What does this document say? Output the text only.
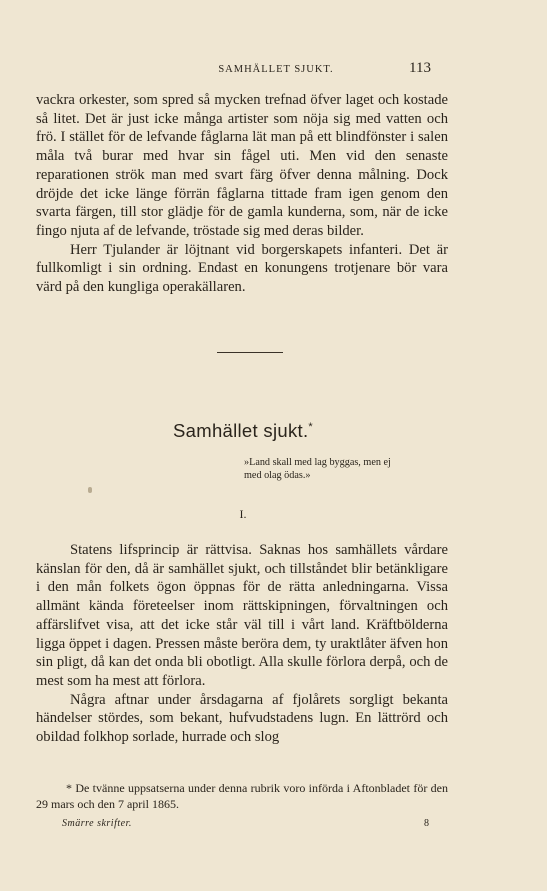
SAMHÄLLET SJUKT.	113

vackra orkester, som spred så mycken trefnad öfver laget och kostade så litet. Det är just icke många artister som nöja sig med vatten och frö. I stället för de lefvande fåglarna lät man på ett blindfönster i salen måla två burar med hvar sin fågel uti. Men vid den senaste reparationen strök man med svart färg öfver denna målning. Dock dröjde det icke länge förrän fåglarna tittade fram igen genom den svarta färgen, till stor glädje för de gamla kunderna, som, när de icke fingo njuta af de lefvande, tröstade sig med deras bilder.

Herr Tjulander är löjtnant vid borgerskapets infanteri. Det är fullkomligt i sin ordning. Endast en konungens trotjenare bör vara värd på den kungliga operakällaren.

Samhället sjukt.*
»Land skall med lag byggas, men ej
med olag ödas.»
I.

Statens lifsprincip är rättvisa. Saknas hos samhällets vårdare känslan för den, då är samhället sjukt, och tillståndet blir betänkligare i den mån folkets ögon öppnas för de rätta anledningarna. Vissa allmänt kända företeelser inom rättskipningen, förvaltningen och affärslifvet visa, att det icke står väl till i vårt land. Kräftbölderna ligga öppet i dagen. Pressen måste beröra dem, ty uraktlåter äfven hon sin pligt, då kan det onda bli obotligt. Alla skulle förlora derpå, och de mest som ha mest att förlora.

Några aftnar under årsdagarna af fjolårets sorgligt bekanta händelser stördes, som bekant, hufvudstadens lugn. En lättrörd och obildad folkhop sorlade, hurrade och slog

* De tvänne uppsatserna under denna rubrik voro införda i Aftonbladet för den 29 mars och den 7 april 1865.

Smärre skrifter.	8
